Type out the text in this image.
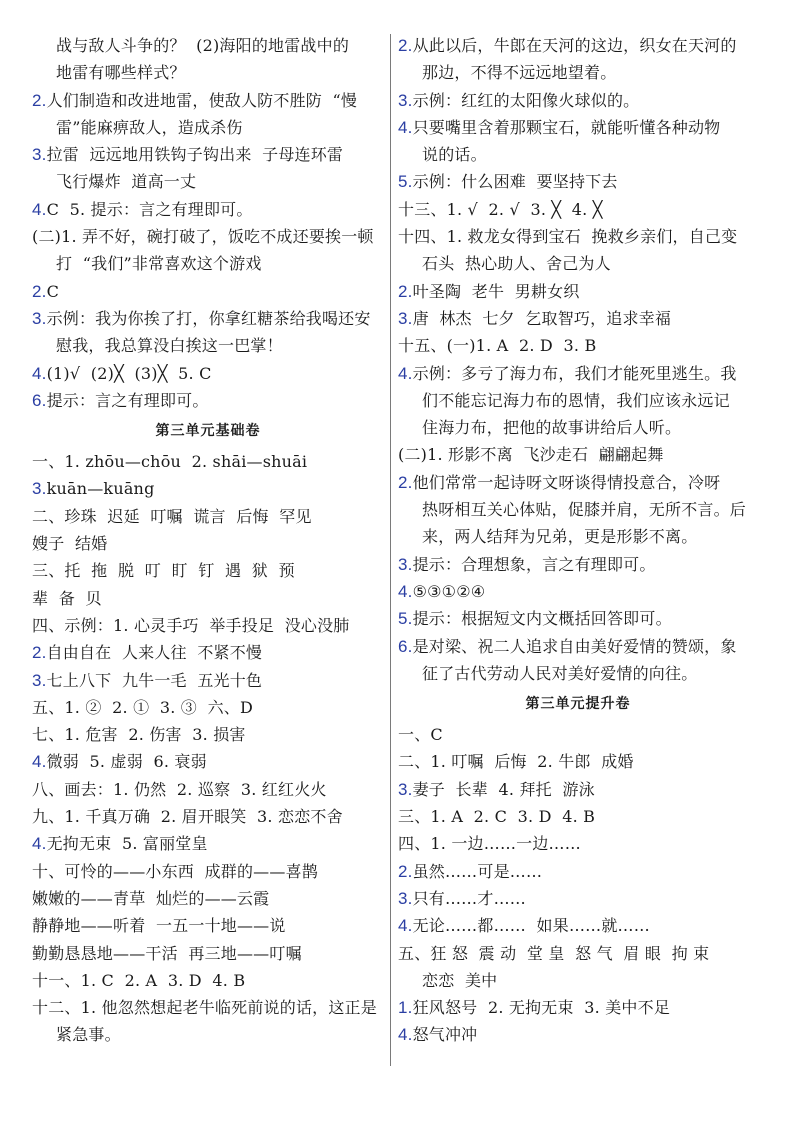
战与敌人斗争的？  (2)海阳的地雷战中的
地雷有哪些样式？
2.人们制造和改进地雷，使敌人防不胜防  “慢
雷”能麻痹敌人，造成杀伤
3.拉雷  远远地用铁钩子钩出来  子母连环雷
飞行爆炸  道高一丈
4.C  5. 提示：言之有理即可。
(二)1. 弄不好，碗打破了，饭吃不成还要挨一顿
打  “我们”非常喜欢这个游戏
2.C
3.示例：我为你挨了打，你拿红糖茶给我喝还安
慰我，我总算没白挨这一巴掌！
4.(1)√  (2)╳  (3)╳  5. C
6.提示：言之有理即可。
第三单元基础卷
一、1. zhōu—chōu  2. shāi—shuāi
3.kuān—kuāng
二、珍珠  迟延  叮嘱  谎言  后悔  罕见
嫂子  结婚
三、托  拖  脱  叮  盯  钉  遇  狱  预
辈  备  贝
四、示例：1. 心灵手巧  举手投足  没心没肺
2.自由自在  人来人往  不紧不慢
3.七上八下  九牛一毛  五光十色
五、1. ②  2. ①  3. ③  六、D
七、1. 危害  2. 伤害  3. 损害
4.微弱  5. 虚弱  6. 衰弱
八、画去：1. 仍然  2. 巡察  3. 红红火火
九、1. 千真万确  2. 眉开眼笑  3. 恋恋不舍
4.无拘无束  5. 富丽堂皇
十、可怜的——小东西  成群的——喜鹊
嫩嫩的——青草  灿烂的——云霞
静静地——听着  一五一十地——说
勤勤恳恳地——干活  再三地——叮嘱
十一、1. C  2. A  3. D  4. B
十二、1. 他忽然想起老牛临死前说的话，这正是
紧急事。
2.从此以后，牛郎在天河的这边，织女在天河的
那边，不得不远远地望着。
3.示例：红红的太阳像火球似的。
4.只要嘴里含着那颗宝石，就能听懂各种动物
说的话。
5.示例：什么困难  要坚持下去
十三、1. √  2. √  3. ╳  4. ╳
十四、1. 救龙女得到宝石  挽救乡亲们，自己变
石头  热心助人、舍己为人
2.叶圣陶  老牛  男耕女织
3.唐  林杰  七夕  乞取智巧，追求幸福
十五、(一)1. A  2. D  3. B
4.示例：多亏了海力布，我们才能死里逃生。我
们不能忘记海力布的恩情，我们应该永远记
住海力布，把他的故事讲给后人听。
(二)1. 形影不离  飞沙走石  翩翩起舞
2.他们常常一起诗呀文呀谈得情投意合，冷呀
热呀相互关心体贴，促膝并肩，无所不言。后
来，两人结拜为兄弟，更是形影不离。
3.提示：合理想象，言之有理即可。
4.⑤③①②④
5.提示：根据短文内文概括回答即可。
6.是对梁、祝二人追求自由美好爱情的赞颂，象
征了古代劳动人民对美好爱情的向往。
第三单元提升卷
一、C
二、1. 叮嘱  后悔  2. 牛郎  成婚
3.妻子  长辈  4. 拜托  游泳
三、1. A  2. C  3. D  4. B
四、1. 一边……一边……
2.虽然……可是……
3.只有……才……
4.无论……都……  如果……就……
五、狂 怒  震 动  堂 皇  怒 气  眉 眼  拘 束
恋恋  美中
1.狂风怒号  2. 无拘无束  3. 美中不足
4.怒气冲冲
